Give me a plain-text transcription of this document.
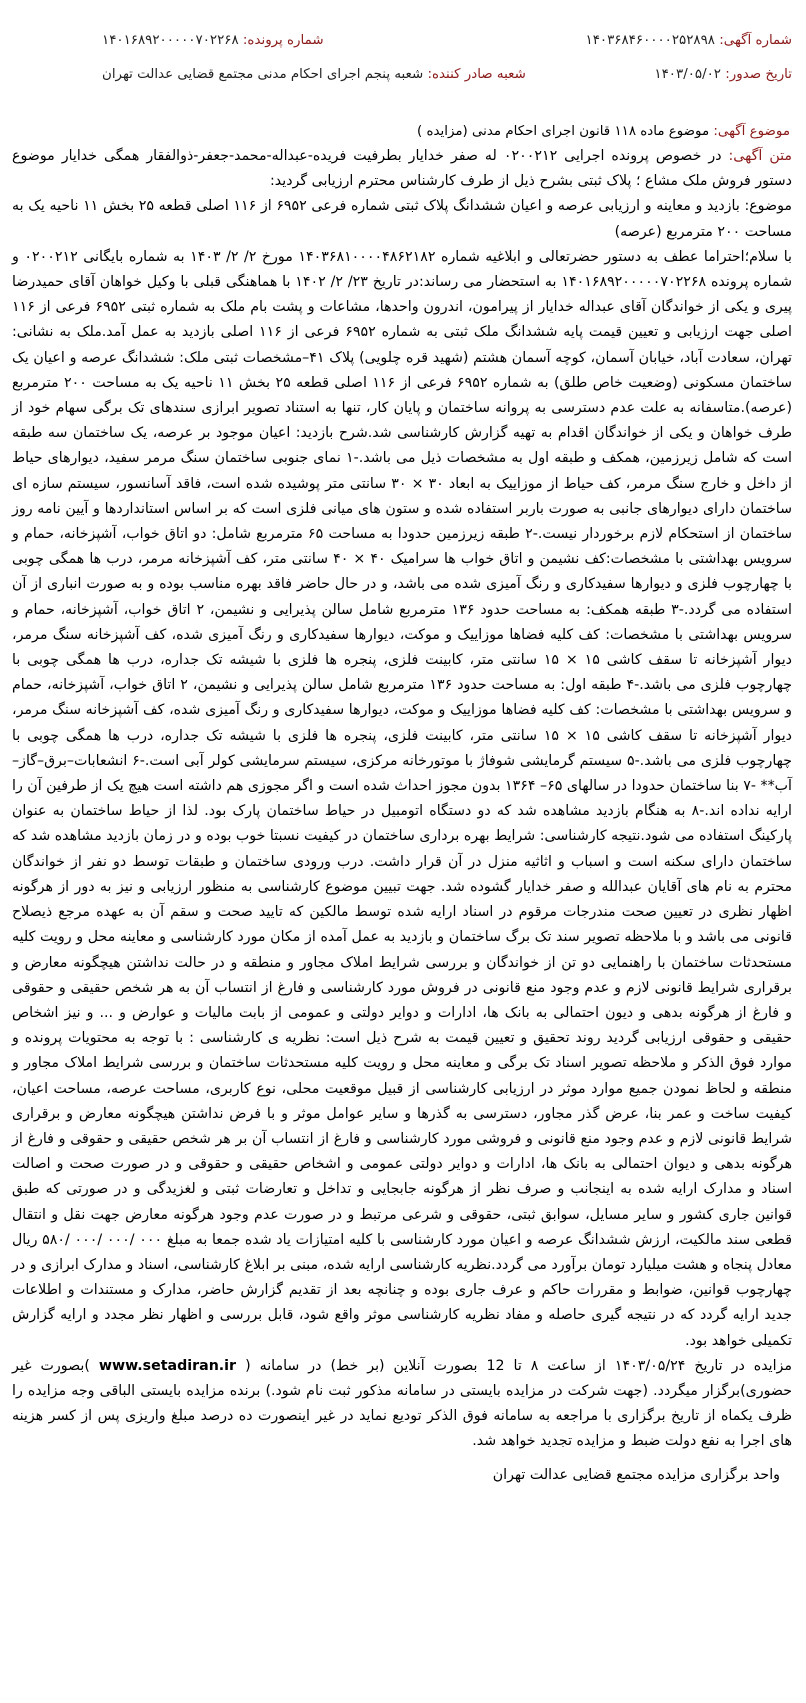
شماره آگهی: ۱۴۰۳۶۸۴۶۰۰۰۰۲۵۲۸۹۸
شماره پرونده: ۱۴۰۱۶۸۹۲۰۰۰۰۰۷۰۲۲۶۸
تاریخ صدور: ۱۴۰۳/۰۵/۰۲
شعبه صادر کننده: شعبه پنجم اجرای احکام مدنی مجتمع قضایی عدالت تهران
موضوع آگهی: موضوع ماده ۱۱۸ قانون اجرای احکام مدنی (مزایده )

متن آگهی: در خصوص پرونده اجرایی ۰۲۰۰۲۱۲ له صفر خدایار بطرفیت فریده-عبداله-محمد-جعفر-ذوالفقار همگی خدایار موضوع دستور فروش ملک مشاع ؛ پلاک ثبتی بشرح ذیل از طرف کارشناس محترم ارزیابی گردید:

موضوع: بازدید و معاینه و ارزیابی عرصه و اعیان ششدانگ پلاک ثبتی شماره فرعی ۶۹۵۲ از ۱۱۶ اصلی قطعه ۲۵ بخش ۱۱ ناحیه یک به مساحت ۲۰۰ مترمربع (عرصه)

با سلام؛احتراما عطف به دستور حضرتعالی و ابلاغیه شماره ۱۴۰۳۶۸۱۰۰۰۰۴۸۶۲۱۸۲ مورخ ۲/ ۲/ ۱۴۰۳ به شماره بایگانی ۰۲۰۰۲۱۲ و شماره پرونده ۱۴۰۱۶۸۹۲۰۰۰۰۰۷۰۲۲۶۸ به استحضار می رساند:در تاریخ ۲۳/ ۲/ ۱۴۰۲ با هماهنگی قبلی با وکیل خواهان آقای حمیدرضا پیری و یکی از خواندگان آقای عبداله خدایار از پیرامون، اندرون واحدها، مشاعات و پشت بام ملک به شماره ثبتی ۶۹۵۲ فرعی از ۱۱۶ اصلی جهت ارزیابی و تعیین قیمت پایه ششدانگ ملک ثبتی به شماره ۶۹۵۲ فرعی از ۱۱۶ اصلی بازدید به عمل آمد.ملک به نشانی: تهران، سعادت آباد، خیابان آسمان، کوچه آسمان هشتم (شهید قره چلویی) پلاک ۴۱–مشخصات ثبتی ملک: ششدانگ عرصه و اعیان یک ساختمان مسکونی (وضعیت خاص طلق) به شماره ۶۹۵۲ فرعی از ۱۱۶ اصلی قطعه ۲۵ بخش ۱۱ ناحیه یک به مساحت ۲۰۰ مترمربع (عرصه).متاسفانه به علت عدم دسترسی به پروانه ساختمان و پایان کار، تنها به استناد تصویر ابرازی سندهای تک برگی سهام خود از طرف خواهان و یکی از خواندگان اقدام به تهیه گزارش کارشناسی شد.شرح بازدید: اعیان موجود بر عرصه، یک ساختمان سه طبقه است که شامل زیرزمین، همکف و طبقه اول به مشخصات ذیل می باشد.-۱ نمای جنوبی ساختمان سنگ مرمر سفید، دیوارهای حیاط از داخل و خارج سنگ مرمر، کف حیاط از موزاییک به ابعاد ۳۰ × ۳۰ سانتی متر پوشیده شده است، فاقد آسانسور، سیستم سازه ای ساختمان دارای دیوارهای جانبی به صورت باربر استفاده شده و ستون های میانی فلزی است که بر اساس استانداردها و آیین نامه روز ساختمان از استحکام لازم برخوردار نیست.-۲ طبقه زیرزمین حدودا به مساحت ۶۵ مترمربع شامل: دو اتاق خواب، آشپزخانه، حمام و سرویس بهداشتی با مشخصات:کف نشیمن و اتاق خواب ها سرامیک ۴۰ × ۴۰ سانتی متر، کف آشپزخانه مرمر، درب ها همگی چوبی با چهارچوب فلزی و دیوارها سفیدکاری و رنگ آمیزی شده می باشد، و در حال حاضر فاقد بهره مناسب بوده و به صورت انباری از آن استفاده می گردد.-۳ طبقه همکف: به مساحت حدود ۱۳۶ مترمربع شامل سالن پذیرایی و نشیمن، ۲ اتاق خواب، آشپزخانه، حمام و سرویس بهداشتی با مشخصات: کف کلیه فضاها موزاییک و موکت، دیوارها سفیدکاری و رنگ آمیزی شده، کف آشپزخانه سنگ مرمر، دیوار آشپزخانه تا سقف کاشی ۱۵ × ۱۵ سانتی متر، کابینت فلزی، پنجره ها فلزی با شیشه تک جداره، درب ها همگی چوبی با چهارچوب فلزی می باشد.-۴ طبقه اول: به مساحت حدود ۱۳۶ مترمربع شامل سالن پذیرایی و نشیمن، ۲ اتاق خواب، آشپزخانه، حمام و سرویس بهداشتی با مشخصات: کف کلیه فضاها موزاییک و موکت، دیوارها سفیدکاری و رنگ آمیزی شده، کف آشپزخانه سنگ مرمر، دیوار آشپزخانه تا سقف کاشی ۱۵ × ۱۵ سانتی متر، کابینت فلزی، پنجره ها فلزی با شیشه تک جداره، درب ها همگی چوبی با چهارچوب فلزی می باشد.-۵ سیستم گرمایشی شوفاژ با موتورخانه مرکزی، سیستم سرمایشی کولر آبی است.-۶ انشعابات–برق–گاز–آب** -۷ بنا ساختمان حدودا در سالهای ۶۵– ۱۳۶۴ بدون مجوز احداث شده است و اگر مجوزی هم داشته است هیچ یک از طرفین آن را ارایه نداده اند.-۸ به هنگام بازدید مشاهده شد که دو دستگاه اتومبیل در حیاط ساختمان پارک بود. لذا از حیاط ساختمان به عنوان پارکینگ استفاده می شود.نتیجه کارشناسی: شرایط بهره برداری ساختمان در کیفیت نسبتا خوب بوده و در زمان بازدید مشاهده شد که ساختمان دارای سکنه است و اسباب و اثاثیه منزل در آن قرار داشت. درب ورودی ساختمان و طبقات توسط دو نفر از خواندگان محترم به نام های آقایان عبدالله و صفر خدایار گشوده شد. جهت تبیین موضوع کارشناسی به منظور ارزیابی و نیز به دور از هرگونه اظهار نظری در تعیین صحت مندرجات مرقوم در اسناد ارایه شده توسط مالکین که تایید صحت و سقم آن به عهده مرجع ذیصلاح قانونی می باشد و با ملاحظه تصویر سند تک برگ ساختمان و بازدید به عمل آمده از مکان مورد کارشناسی و معاینه محل و رویت کلیه مستحدثات ساختمان با راهنمایی دو تن از خواندگان و بررسی شرایط املاک مجاور و منطقه و در حالت نداشتن هیچگونه معارض و برقراری شرایط قانونی لازم و عدم وجود منع قانونی در فروش مورد کارشناسی و فارغ از انتساب آن به هر شخص حقیقی و حقوقی و فارغ از هرگونه بدهی و دیون احتمالی به بانک ها، ادارات و دوایر دولتی و عمومی از بابت مالیات و عوارض و ... و نیز اشخاص حقیقی و حقوقی ارزیابی گردید روند تحقیق و تعیین قیمت به شرح ذیل است: نظریه ی کارشناسی : با توجه به محتویات پرونده و موارد فوق الذکر و ملاحظه تصویر اسناد تک برگی و معاینه محل و رویت کلیه مستحدثات ساختمان و بررسی شرایط املاک مجاور و منطقه و لحاظ نمودن جمیع موارد موثر در ارزیابی کارشناسی از قبیل موقعیت محلی، نوع کاربری، مساحت عرصه، مساحت اعیان، کیفیت ساخت و عمر بنا، عرض گذر مجاور، دسترسی به گذرها و سایر عوامل موثر و با فرض نداشتن هیچگونه معارض و برقراری شرایط قانونی لازم و عدم وجود منع قانونی و فروشی مورد کارشناسی و فارغ از انتساب آن بر هر شخص حقیقی و حقوقی و فارغ از هرگونه بدهی و دیوان احتمالی به بانک ها، ادارات و دوایر دولتی عمومی و اشخاص حقیقی و حقوقی و در صورت صحت و اصالت اسناد و مدارک ارایه شده به اینجانب و صرف نظر از هرگونه جابجایی و تداخل و تعارضات ثبتی و لغزیدگی و در صورتی که طبق قوانین جاری کشور و سایر مسایل، سوابق ثبتی، حقوقی و شرعی مرتبط و در صورت عدم وجود هرگونه معارض جهت نقل و انتقال قطعی سند مالکیت، ارزش ششدانگ عرصه و اعیان مورد کارشناسی با کلیه امتیازات یاد شده جمعا به مبلغ ۰۰۰ /۰۰۰ /۰۰۰ /۵۸۰ ریال معادل پنجاه و هشت میلیارد تومان برآورد می گردد.نظریه کارشناسی ارایه شده، مبنی بر ابلاغ کارشناسی، اسناد و مدارک ابرازی و در چهارچوب قوانین، ضوابط و مقررات حاکم و عرف جاری بوده و چنانچه بعد از تقدیم گزارش حاضر، مدارک و مستندات و اطلاعات جدید ارایه گردد که در نتیجه گیری حاصله و مفاد نظریه کارشناسی موثر واقع شود، قابل بررسی و اظهار نظر مجدد و ارایه گزارش تکمیلی خواهد بود.

مزایده در تاریخ ۱۴۰۳/۰۵/۲۴ از ساعت ۸ تا 12 بصورت آنلاین (بر خط) در سامانه ( www.setadiran.ir )بصورت غیر حضوری)برگزار میگردد. (جهت شرکت در مزایده بایستی در سامانه مذکور ثبت نام شود.) برنده مزایده بایستی الباقی وجه مزایده را ظرف یکماه از تاریخ برگزاری با مراجعه به سامانه فوق الذکر تودیع نماید در غیر اینصورت ده درصد مبلغ واریزی پس از کسر هزینه های اجرا به نفع دولت ضبط و مزایده تجدید خواهد شد.

واحد برگزاری مزایده مجتمع قضایی عدالت تهران
